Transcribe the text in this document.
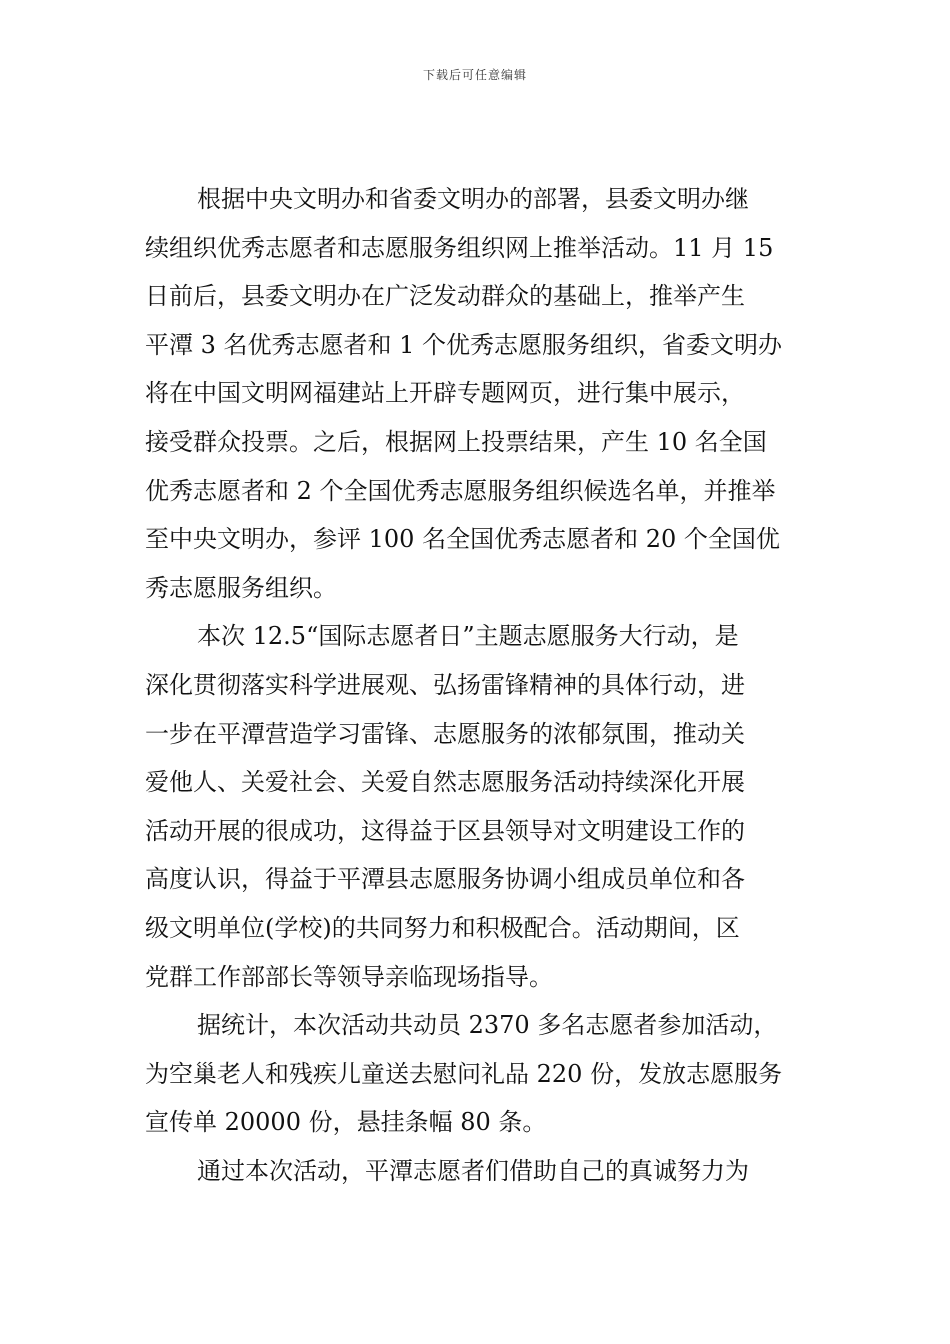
下载后可任意编辑
根据中央文明办和省委文明办的部署，县委文明办继
续组织优秀志愿者和志愿服务组织网上推举活动。11 月 15
日前后，县委文明办在广泛发动群众的基础上，推举产生
平潭 3 名优秀志愿者和 1 个优秀志愿服务组织，省委文明办
将在中国文明网福建站上开辟专题网页，进行集中展示，
接受群众投票。之后，根据网上投票结果，产生 10 名全国
优秀志愿者和 2 个全国优秀志愿服务组织候选名单，并推举
至中央文明办，参评 100 名全国优秀志愿者和 20 个全国优
秀志愿服务组织。
本次 12.5“国际志愿者日”主题志愿服务大行动，是
深化贯彻落实科学进展观、弘扬雷锋精神的具体行动，进
一步在平潭营造学习雷锋、志愿服务的浓郁氛围，推动关
爱他人、关爱社会、关爱自然志愿服务活动持续深化开展
活动开展的很成功，这得益于区县领导对文明建设工作的
高度认识，得益于平潭县志愿服务协调小组成员单位和各
级文明单位(学校)的共同努力和积极配合。活动期间，区
党群工作部部长等领导亲临现场指导。
据统计，本次活动共动员 2370 多名志愿者参加活动，
为空巢老人和残疾儿童送去慰问礼品 220 份，发放志愿服务
宣传单 20000 份，悬挂条幅 80 条。
通过本次活动，平潭志愿者们借助自己的真诚努力为
